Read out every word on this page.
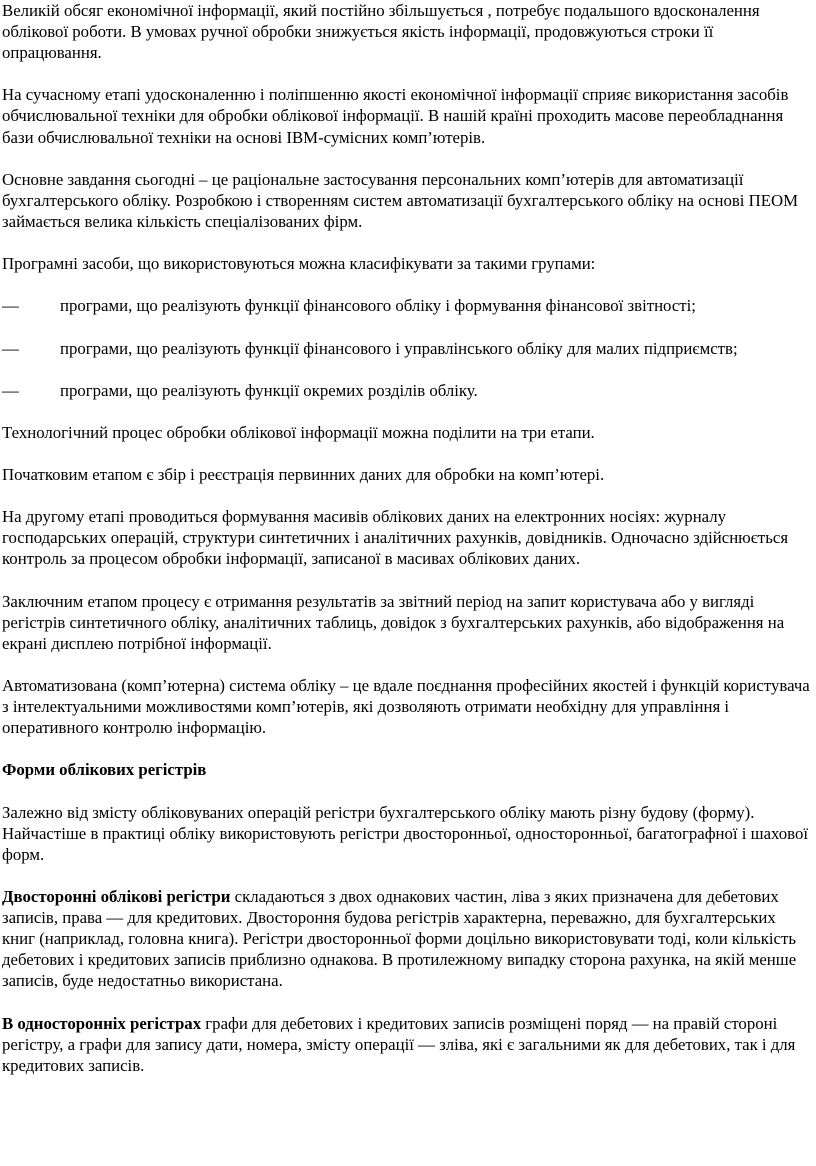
Великій обсяг економічної інформації, який постійно збільшується , потребує подальшого вдосконалення облікової роботи. В умовах ручної обробки знижується якість інформації, продовжуються строки її опрацювання.

На сучасному етапі удосконаленню і поліпшенню якості економічної інформації сприяє використання засобів обчислювальної техніки для обробки облікової інформації. В нашій країні проходить масове переобладнання бази обчислювальної техніки на основі IBM-сумісних комп’ютерів.

Основне завдання сьогодні – це раціональне застосування персональних комп’ютерів для автоматизації бухгалтерського обліку. Розробкою і створенням систем автоматизації бухгалтерського обліку на основі ПЕОМ займається велика кількість спеціалізованих фірм.

Програмні засоби, що використовуються можна класифікувати за такими групами:

— програми, що реалізують функції фінансового обліку і формування фінансової звітності;

— програми, що реалізують функції фінансового і управлінського обліку для малих підприємств;

— програми, що реалізують функції окремих розділів обліку.

Технологічний процес обробки облікової інформації можна поділити на три етапи.

Початковим етапом є збір і реєстрація первинних даних для обробки на комп’ютері.

На другому етапі проводиться формування масивів облікових даних на електронних носіях: журналу господарських операцій, структури синтетичних і аналітичних рахунків, довідників. Одночасно здійснюється контроль за процесом обробки інформації, записаної в масивах облікових даних.

Заключним етапом процесу є отримання результатів за звітний період на запит користувача або у вигляді регістрів синтетичного обліку, аналітичних таблиць, довідок з бухгалтерських рахунків, або відображення на екрані дисплею потрібної інформації.

Автоматизована (комп’ютерна) система обліку – це вдале поєднання професійних якостей і функцій користувача з інтелектуальними можливостями комп’ютерів, які дозволяють отримати необхідну для управління і оперативного контролю інформацію.

Форми облікових регістрів

Залежно від змісту обліковуваних операцій регістри бухгалтерського обліку мають різну будову (форму). Найчастіше в практиці обліку використовують регістри двосторонньої, односторонньої, багатографної і шахової форм.

Двосторонні облікові регістри складаються з двох однакових частин, ліва з яких призначена для дебетових записів, права — для кредитових. Двостороння будова регістрів характерна, переважно, для бухгалтерських книг (наприклад, головна книга). Регістри двосторонньої форми доцільно використовувати тоді, коли кількість дебетових і кредитових записів приблизно однакова. В протилежному випадку сторона рахунка, на якій менше записів, буде недостатньо використана.

В односторонніх регістрах графи для дебетових і кредитових записів розміщені поряд — на правій стороні регістру, а графи для запису дати, номера, змісту операції — зліва, які є загальними як для дебетових, так і для кредитових записів.
